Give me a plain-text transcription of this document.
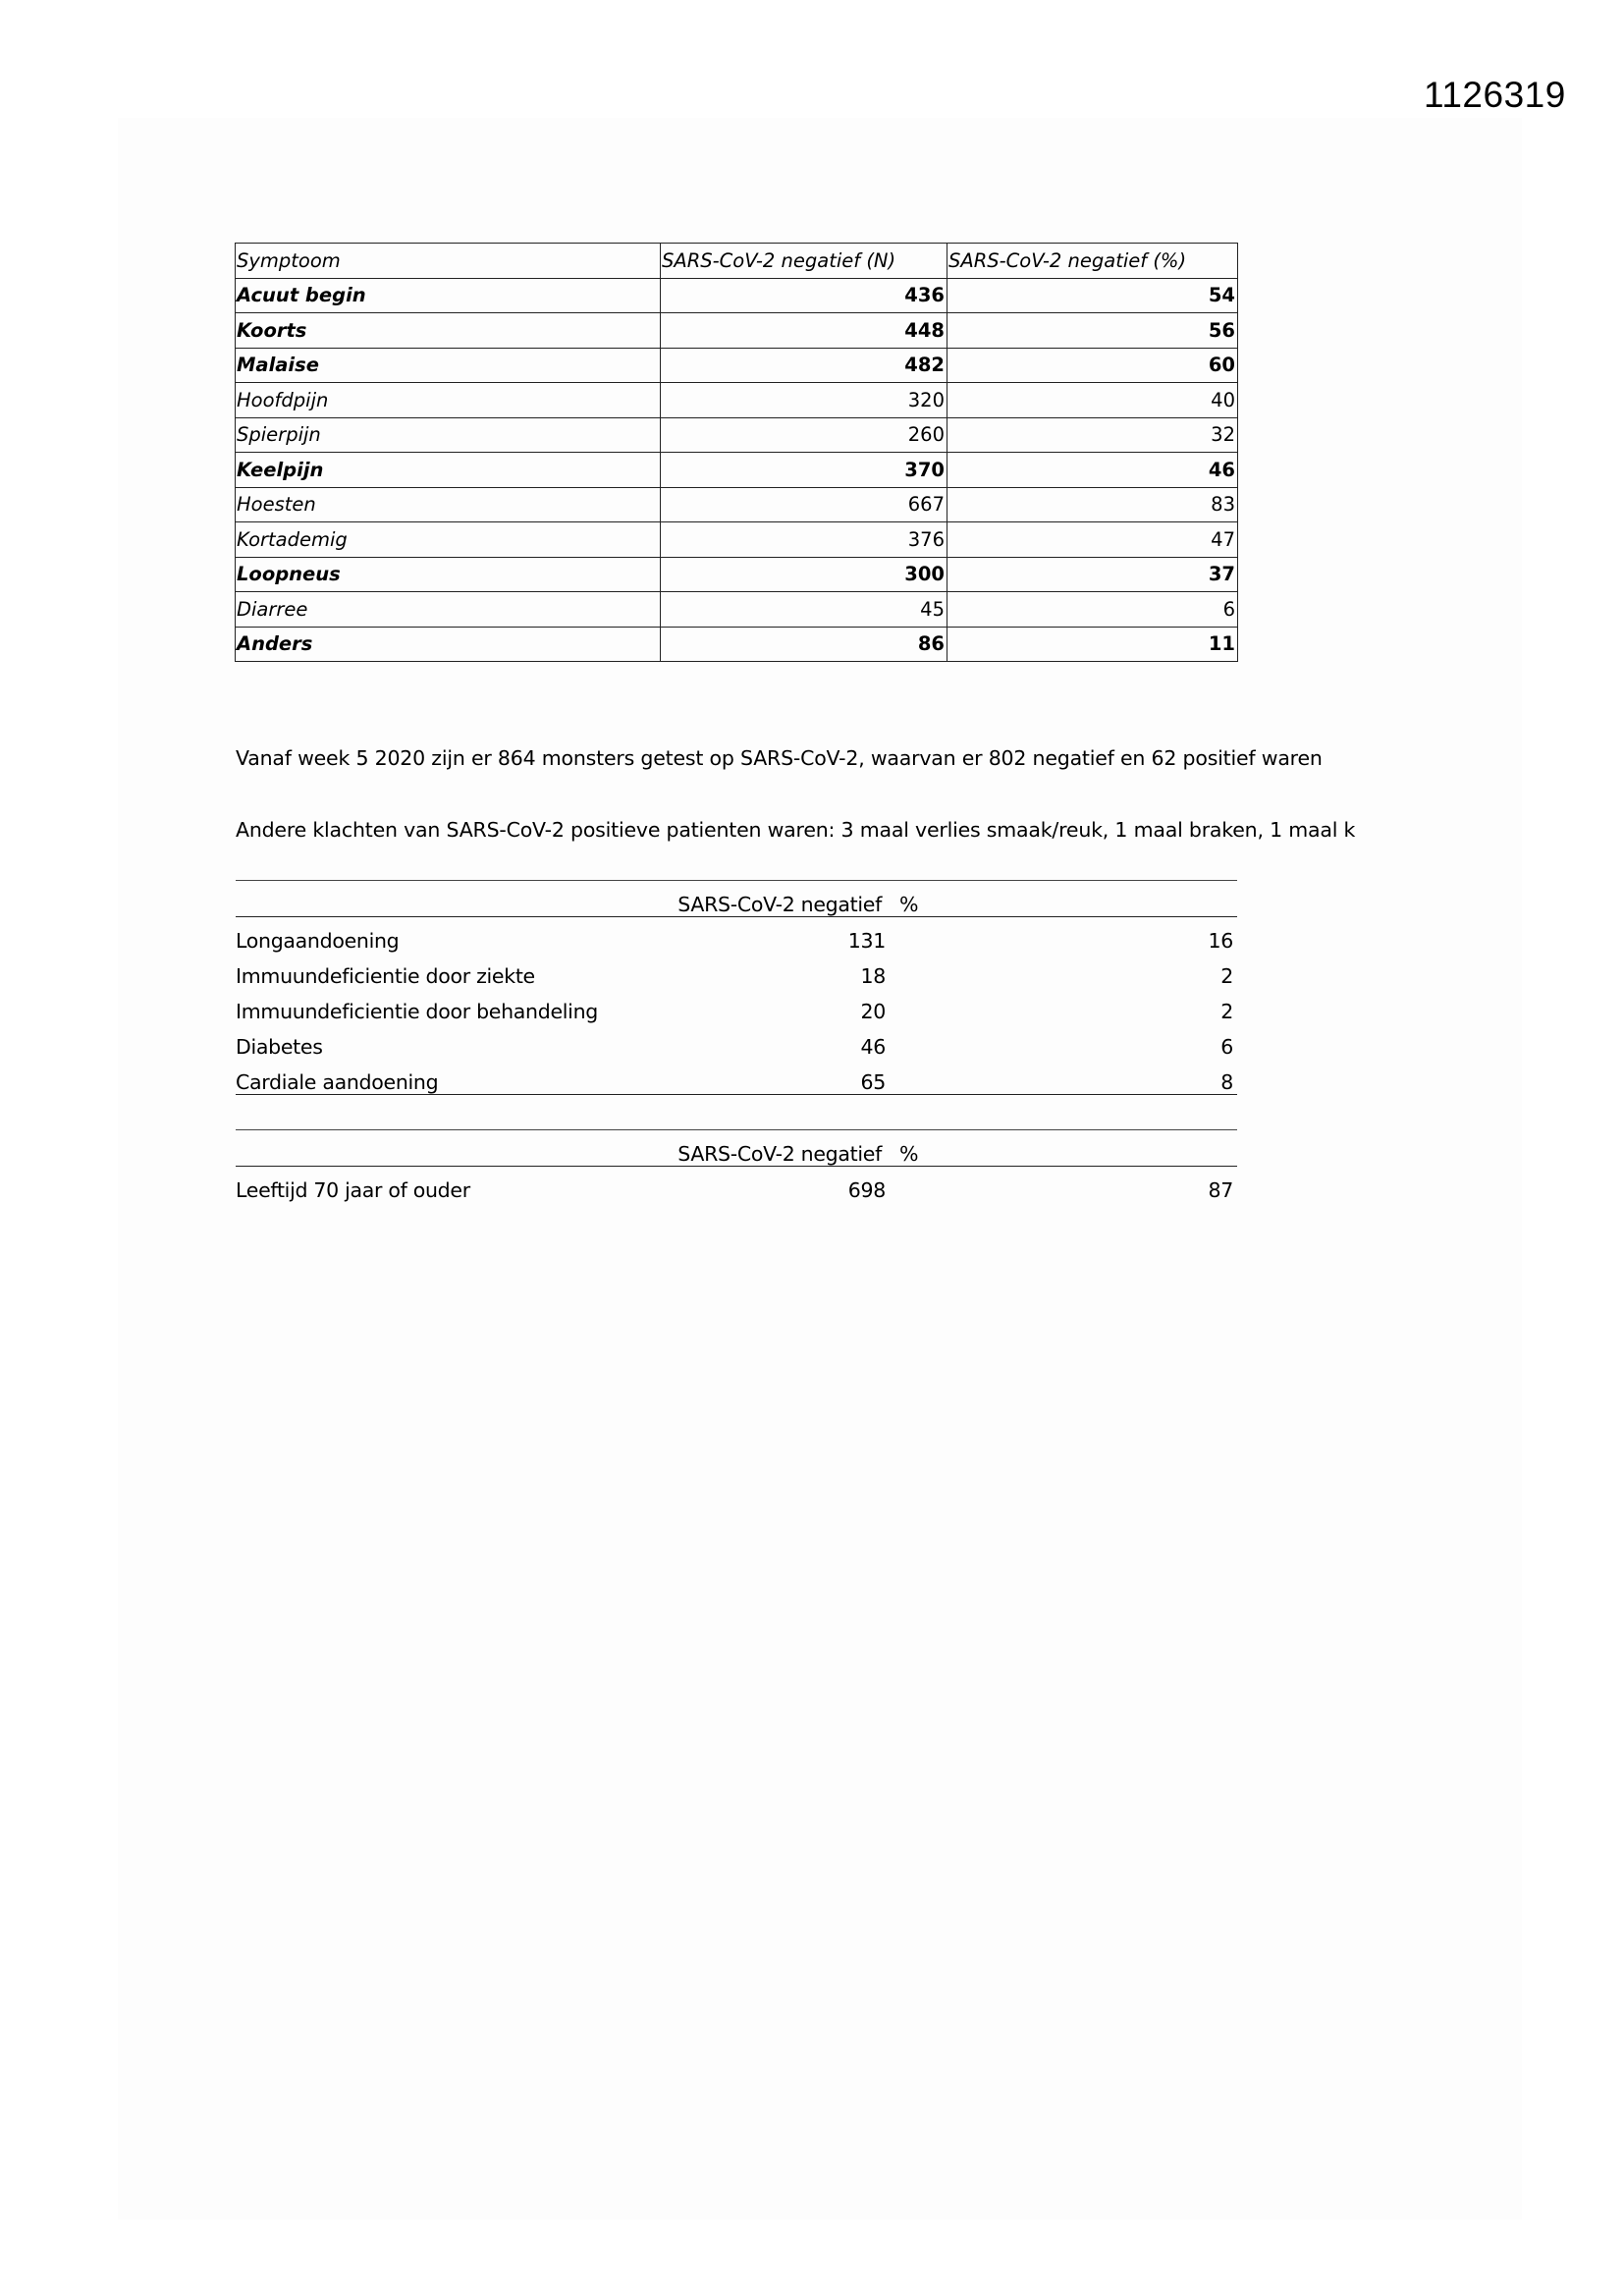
1126319
Symptoom	SARS-CoV-2 negatief (N)	SARS-CoV-2 negatief (%)
Acuut begin	436	54
Koorts	448	56
Malaise	482	60
Hoofdpijn	320	40
Spierpijn	260	32
Keelpijn	370	46
Hoesten	667	83
Kortademig	376	47
Loopneus	300	37
Diarree	45	6
Anders	86	11
Vanaf week 5 2020 zijn er 864 monsters getest op SARS-CoV-2, waarvan er 802 negatief en 62 positief waren
Andere klachten van SARS-CoV-2 positieve patienten waren: 3 maal verlies smaak/reuk, 1 maal braken, 1 maal k
	SARS-CoV-2 negatief	%
Longaandoening	131	16
Immuundeficientie door ziekte	18	2
Immuundeficientie door behandeling	20	2
Diabetes	46	6
Cardiale aandoening	65	8
	SARS-CoV-2 negatief	%
Leeftijd 70 jaar of ouder	698	87
